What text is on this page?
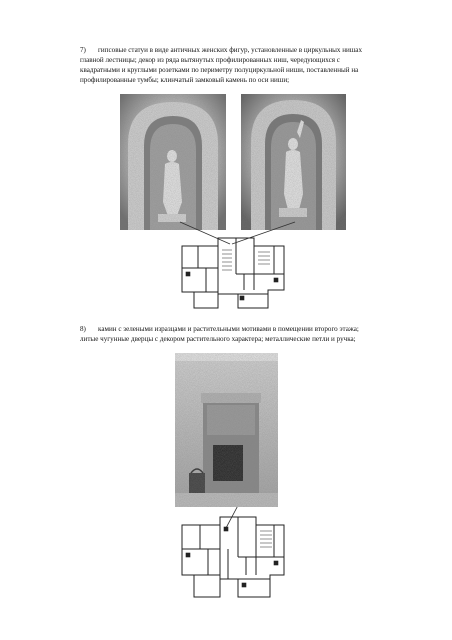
7) гипсовые статуи в виде античных женских фигур, установленные в циркульных нишах
главной лестницы; декор из ряда вытянутых профилированных ниш, чередующихся с
квадратными и круглыми розетками по периметру полуциркульной ниши, поставленный на
профилированные тумбы; клинчатый замковый камень по оси ниши;
8) камин с зелеными изразцами и растительными мотивами в помещении второго этажа;
литые чугунные дверцы с декором растительного характера; металлические петли и ручка;
